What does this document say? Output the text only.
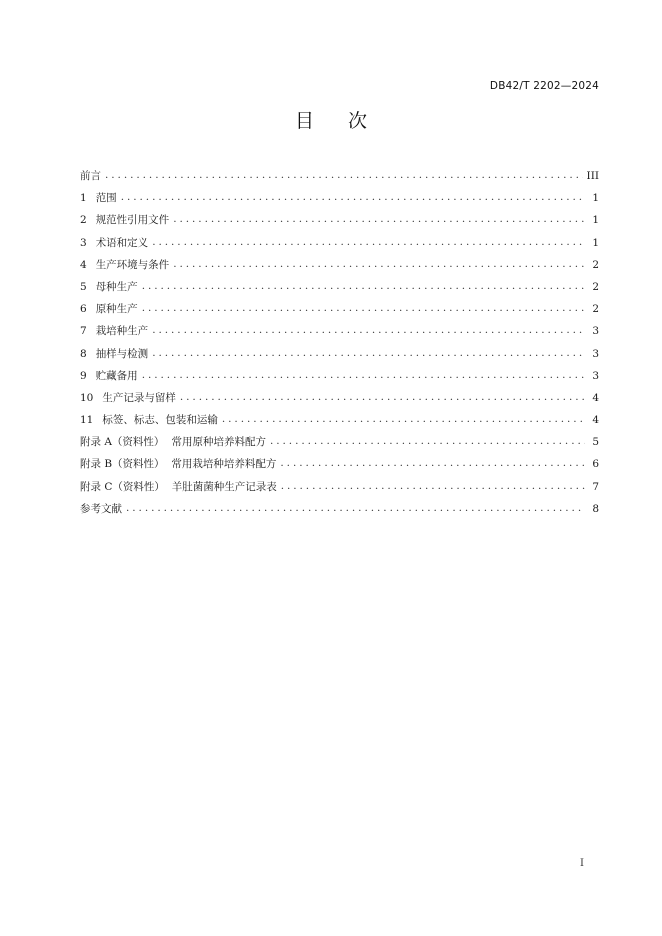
DB42/T 2202—2024
目 次
前言 . . .	III
1 范围 . . .	1
2 规范性引用文件 . . .	1
3 术语和定义 . . .	1
4 生产环境与条件 . . .	2
5 母种生产 . . .	2
6 原种生产 . . .	2
7 栽培种生产 . . .	3
8 抽样与检测 . . .	3
9 贮藏备用 . . .	3
10 生产记录与留样 . . .	4
11 标签、标志、包装和运输 . . .	4
附录 A（资料性） 常用原种培养料配方 . . .	5
附录 B（资料性） 常用栽培种培养料配方 . . .	6
附录 C（资料性） 羊肚菌菌种生产记录表 . . .	7
参考文献 . . .	8
I
